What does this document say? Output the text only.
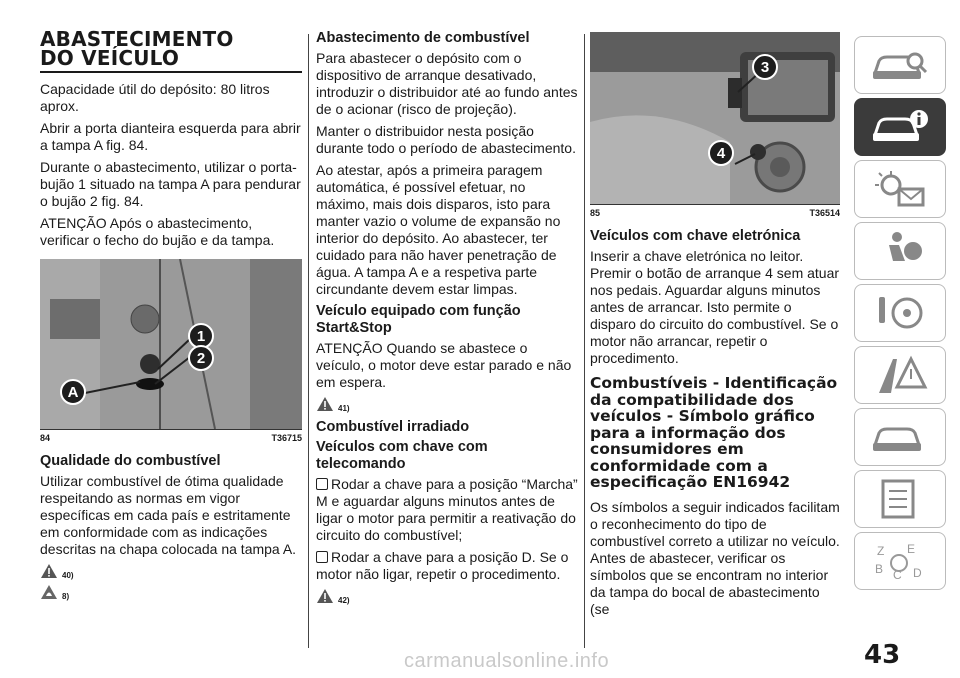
ABASTECIMENTO
DO VEÍCULO

Capacidade útil do depósito: 80 litros aprox.

Abrir a porta dianteira esquerda para abrir a tampa A fig. 84.

Durante o abastecimento, utilizar o porta-bujão 1 situado na tampa A para pendurar o bujão 2 fig. 84.

ATENÇÃO Após o abastecimento, verificar o fecho do bujão e da tampa.

1
2
A
84	T36715
Qualidade do combustível

Utilizar combustível de ótima qualidade respeitando as normas em vigor específicas em cada país e estritamente em conformidade com as indicações descritas na chapa colocada na tampa A.

40)
8)
Abastecimento de combustível

Para abastecer o depósito com o dispositivo de arranque desativado, introduzir o distribuidor até ao fundo antes de o acionar (risco de projeção).

Manter o distribuidor nesta posição durante todo o período de abastecimento.

Ao atestar, após a primeira paragem automática, é possível efetuar, no máximo, mais dois disparos, isto para manter vazio o volume de expansão no interior do depósito. Ao abastecer, ter cuidado para não haver penetração de água. A tampa A e a respetiva parte circundante devem estar limpas.

Veículo equipado com função Start&Stop

ATENÇÃO Quando se abastece o veículo, o motor deve estar parado e não em espera.

41)
Combustível irradiado
Veículos com chave com telecomando

Rodar a chave para a posição “Marcha” M e aguardar alguns minutos antes de ligar o motor para permitir a reativação do circuito do combustível;

Rodar a chave para a posição D. Se o motor não ligar, repetir o procedimento.

42)
3
4
85	T36514
Veículos com chave eletrónica

Inserir a chave eletrónica no leitor. Premir o botão de arranque 4 sem atuar nos pedais. Aguardar alguns minutos antes de arrancar. Isto permite o disparo do circuito do combustível. Se o motor não arrancar, repetir o procedimento.

Combustíveis - Identificação da compatibilidade dos veículos - Símbolo gráfico para a informação dos consumidores em conformidade com a especificação EN16942

Os símbolos a seguir indicados facilitam o reconhecimento do tipo de combustível correto a utilizar no veículo. Antes de abastecer, verificar os símbolos que se encontram no interior da tampa do bocal de abastecimento (se

Z E
B C D
43
carmanualsonline.info
